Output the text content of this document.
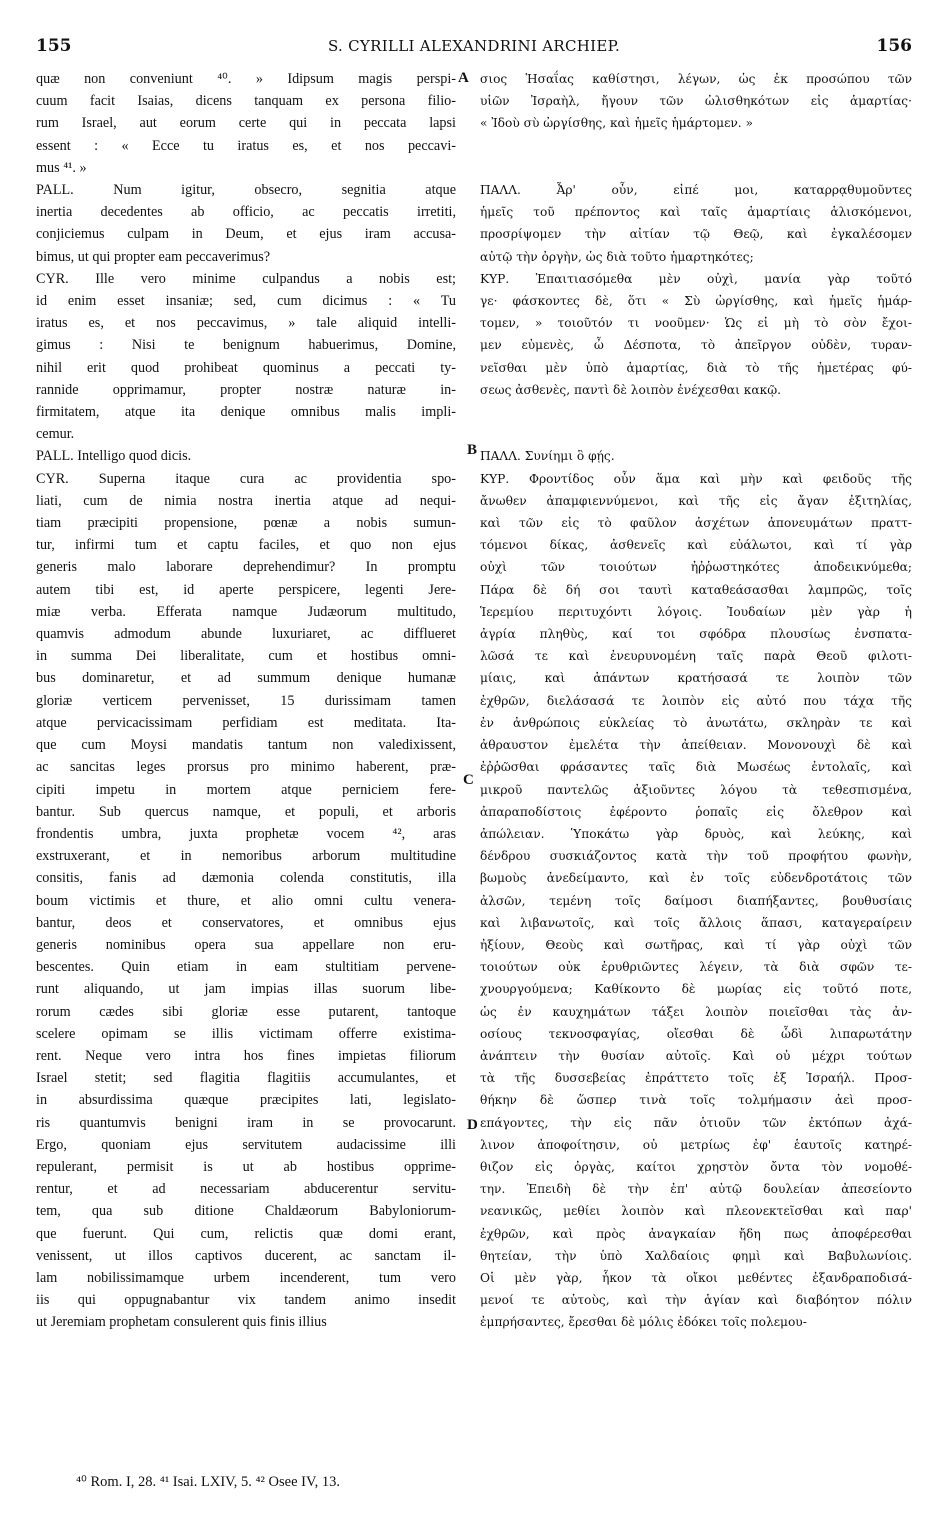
155	S. CYRILLI ALEXANDRINI ARCHIEP.	156
quæ non conveniunt ⁴⁰. » Idipsum magis perspi-
cuum facit Isaias, dicens tanquam ex persona filio-
rum Israel, aut eorum certe qui in peccata lapsi
essent : « Ecce tu iratus es, et nos peccavi-
mus ⁴¹. »
PALL. Num igitur, obsecro, segnitia atque
inertia decedentes ab officio, ac peccatis irretiti,
conjiciemus culpam in Deum, et ejus iram accusa-
bimus, ut qui propter eam peccaverimus?
CYR. Ille vero minime culpandus a nobis est;
id enim esset insaniæ; sed, cum dicimus : « Tu
iratus es, et nos peccavimus, » tale aliquid intelli-
gimus : Nisi te benignum habuerimus, Domine,
nihil erit quod prohibeat quominus a peccati ty-
rannide opprimamur, propter nostræ naturæ in-
firmitatem, atque ita denique omnibus malis impli-
cemur.
PALL. Intelligo quod dicis.
CYR. Superna itaque cura ac providentia spo-
liati, cum de nimia nostra inertia atque ad nequi-
tiam præcipiti propensione, pœnæ a nobis sumun-
tur, infirmi tum et captu faciles, et quo non ejus
generis malo laborare deprehendimur? In promptu
autem tibi est, id aperte perspicere, legenti Jere-
miæ verba. Efferata namque Judæorum multitudo,
quamvis admodum abunde luxuriaret, ac difflueret
in summa Dei liberalitate, cum et hostibus omni-
bus dominaretur, et ad summum denique humanæ
gloriæ verticem pervenisset, 15 durissimam tamen
atque pervicacissimam perfidiam est meditata. Ita-
que cum Moysi mandatis tantum non valedixissent,
ac sancitas leges prorsus pro minimo haberent, præ-
cipiti impetu in mortem atque perniciem fere-
bantur. Sub quercus namque, et populi, et arboris
frondentis umbra, juxta prophetæ vocem ⁴², aras
exstruxerant, et in nemoribus arborum multitudine
consitis, fanis ad dæmonia colenda constitutis, illa
boum victimis et thure, et alio omni cultu venera-
bantur, deos et conservatores, et omnibus ejus
generis nominibus opera sua appellare non eru-
bescentes. Quin etiam in eam stultitiam pervene-
runt aliquando, ut jam impias illas suorum libe-
rorum cædes sibi gloriæ esse putarent, tantoque
scelere opimam se illis victimam offerre existima-
rent. Neque vero intra hos fines impietas filiorum
Israel stetit; sed flagitia flagitiis accumulantes, et
in absurdissima quæque præcipites lati, legislato-
ris quantumvis benigni iram in se provocarunt.
Ergo, quoniam ejus servitutem audacissime illi
repulerant, permisit is ut ab hostibus opprime-
rentur, et ad necessariam abducerentur servitu-
tem, qua sub ditione Chaldæorum Babyloniorum-
que fuerunt. Qui cum, relictis quæ domi erant,
venissent, ut illos captivos ducerent, ac sanctam il-
lam nobilissimamque urbem incenderent, tum vero
iis qui oppugnabantur vix tandem animo insedit
ut Jeremiam prophetam consulerent quis finis illius
σιος Ἡσαΐας καθίστησι, λέγων, ὡς ἐκ προσώπου τῶν
υἱῶν Ἰσραὴλ, ἤγουν τῶν ὠλισθηκότων εἰς ἁμαρτίας·
« Ἰδοὺ σὺ ὠργίσθης, καὶ ἡμεῖς ἡμάρτομεν. »

ΠΑΛΛ. Ἆρ' οὖν, εἰπέ μοι, καταρρᾳθυμοῦντες
ἡμεῖς τοῦ πρέποντος καὶ ταῖς ἁμαρτίαις ἁλισκόμενοι,
προσρίψομεν τὴν αἰτίαν τῷ Θεῷ, καὶ ἐγκαλέσομεν
αὐτῷ τὴν ὀργὴν, ὡς διὰ τοῦτο ἡμαρτηκότες;
ΚΥΡ. Ἐπαιτιασόμεθα μὲν οὐχὶ, μανία γὰρ τοῦτό
γε· φάσκοντες δὲ, ὅτι « Σὺ ὠργίσθης, καὶ ἡμεῖς ἡμάρ-
τομεν, » τοιοῦτόν τι νοοῦμεν· Ὡς εἰ μὴ τὸ σὸν ἔχοι-
μεν εὐμενὲς, ὦ Δέσποτα, τὸ ἀπεῖργον οὐδὲν, τυραν-
νεῖσθαι μὲν ὑπὸ ἁμαρτίας, διὰ τὸ τῆς ἡμετέρας φύ-
σεως ἀσθενὲς, παντὶ δὲ λοιπὸν ἐνέχεσθαι κακῷ.

ΠΑΛΛ. Συνίημι ὃ φῄς.
ΚΥΡ. Φροντίδος οὖν ἅμα καὶ μὴν καὶ φειδοῦς τῆς
ἄνωθεν ἀπαμφιεννύμενοι, καὶ τῆς εἰς ἄγαν ἐξιτηλίας,
καὶ τῶν εἰς τὸ φαῦλον ἀσχέτων ἀπονευμάτων πραττ-
τόμενοι δίκας, ἀσθενεῖς καὶ εὐάλωτοι, καὶ τί γὰρ
οὐχὶ τῶν τοιούτων ἠῤῥωστηκότες ἀποδεικνύμεθα;
Πάρα δὲ δή σοι ταυτὶ καταθεάσασθαι λαμπρῶς, τοῖς
Ἱερεμίου περιτυχόντι λόγοις. Ἰουδαίων μὲν γὰρ ἡ
ἀγρία πληθὺς, καί τοι σφόδρα πλουσίως ἐνσπατα-
λῶσά τε καὶ ἐνευρυνομένη ταῖς παρὰ Θεοῦ φιλοτι-
μίαις, καὶ ἁπάντων κρατήσασά τε λοιπὸν τῶν
ἐχθρῶν, διελάσασά τε λοιπὸν εἰς αὐτό που τάχα τῆς
ἐν ἀνθρώποις εὐκλείας τὸ ἀνωτάτω, σκληρὰν τε καὶ
ἀθραυστον ἐμελέτα τὴν ἀπείθειαν. Μονονουχὶ δὲ καὶ
ἐῤῥῶσθαι φράσαντες ταῖς διὰ Μωσέως ἐντολαῖς, καὶ
μικροῦ παντελῶς ἀξιοῦντες λόγου τὰ τεθεσπισμένα,
ἀπαραποδίστοις ἐφέροντο ῥοπαῖς εἰς ὄλεθρον καὶ
ἀπώλειαν. Ὑποκάτω γὰρ δρυὸς, καὶ λεύκης, καὶ
δένδρου συσκιάζοντος κατὰ τὴν τοῦ προφήτου φωνὴν,
βωμοὺς ἀνεδείμαντο, καὶ ἐν τοῖς εὐδενδροτάτοις τῶν
ἀλσῶν, τεμένη τοῖς δαίμοσι διαπήξαντες, βουθυσίαις
καὶ λιβανωτοῖς, καὶ τοῖς ἄλλοις ἅπασι, καταγεραίρειν
ἠξίουν, Θεοὺς καὶ σωτῆρας, καὶ τί γὰρ οὐχὶ τῶν
τοιούτων οὐκ ἐρυθριῶντες λέγειν, τὰ διὰ σφῶν τε-
χνουργούμενα; Καθίκοντο δὲ μωρίας εἰς τοῦτό ποτε,
ὡς ἐν καυχημάτων τάξει λοιπὸν ποιεῖσθαι τὰς ἀν-
οσίους τεκνοσφαγίας, οἴεσθαι δὲ ὧδὶ λιπαρωτάτην
ἀνάπτειν τὴν θυσίαν αὐτοῖς. Καὶ οὐ μέχρι τούτων
τὰ τῆς δυσσεβείας ἐπράττετο τοῖς ἐξ Ἰσραήλ. Προσ-
θήκην δὲ ὥσπερ τινὰ τοῖς τολμήμασιν ἀεὶ προσ-
επάγοντες, τὴν εἰς πᾶν ὁτιοῦν τῶν ἐκτόπων ἀχά-
λινον ἀποφοίτησιν, οὐ μετρίως ἐφ' ἑαυτοῖς κατηρέ-
θιζον εἰς ὀργὰς, καίτοι χρηστὸν ὄντα τὸν νομοθέ-
την. Ἐπειδὴ δὲ τὴν ἐπ' αὐτῷ δουλείαν ἀπεσείοντο
νεανικῶς, μεθίει λοιπὸν καὶ πλεονεκτεῖσθαι καὶ παρ'
ἐχθρῶν, καὶ πρὸς ἀναγκαίαν ἤδη πως ἀποφέρεσθαι
θητείαν, τὴν ὑπὸ Χαλδαίοις φημὶ καὶ Βαβυλωνίοις.
Οἱ μὲν γὰρ, ἧκον τὰ οἴκοι μεθέντες ἐξανδραποδισά-
μενοί τε αὐτοὺς, καὶ τὴν ἁγίαν καὶ διαβόητον πόλιν
ἐμπρήσαντες, ἔρεσθαι δὲ μόλις ἐδόκει τοῖς πολεμου-
A
B
C
D
⁴⁰ Rom. I, 28. ⁴¹ Isai. LXIV, 5. ⁴² Osee IV, 13.
